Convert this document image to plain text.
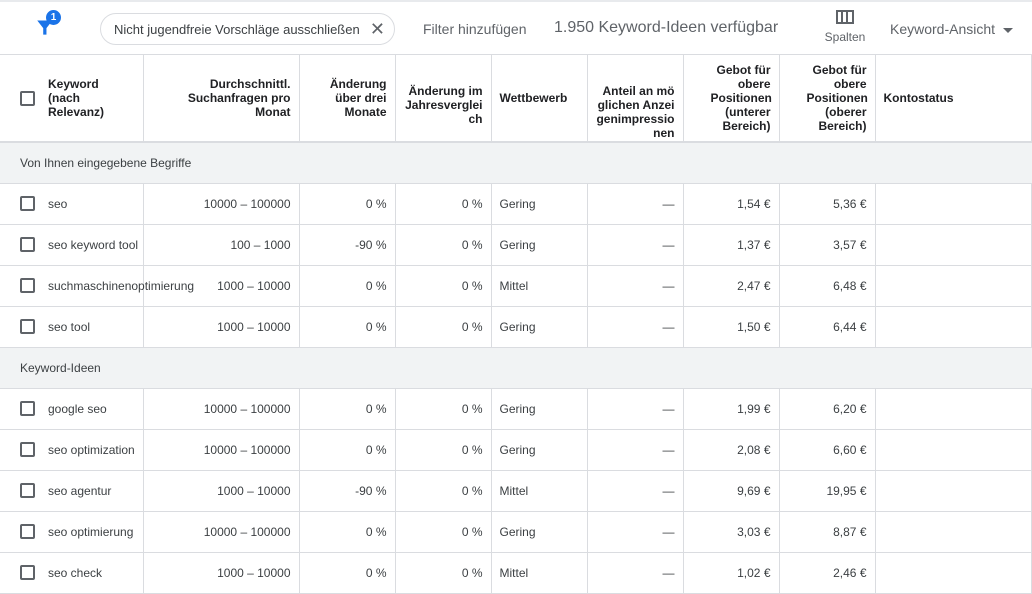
1
Nicht jugendfreie Vorschläge ausschließen ✕	Filter hinzufügen 1.950 Keyword-Ideen verfügbar
Spalten	Keyword-Ansicht

	Keyword (nach Relevanz)	Durchschnittl. Suchanfragen pro Monat	Änderung über drei Monate	Änderung im Jahresvergleich	Wettbewerb	Anteil an möglichen Anzeigenimpressionen	Gebot für obere Positionen (unterer Bereich)	Gebot für obere Positionen (oberer Bereich)	Kontostatus

Von Ihnen eingegebene Begriffe									
	seo	10000 – 100000	0 %	0 %	Gering	—	1,54 €	5,36 €	
	seo keyword tool	100 – 1000	-90 %	0 %	Gering	—	1,37 €	3,57 €	
	suchmaschinenoptimierung	1000 – 10000	0 %	0 %	Mittel	—	2,47 €	6,48 €	
	seo tool	1000 – 10000	0 %	0 %	Gering	—	1,50 €	6,44 €	
Keyword-Ideen									
	google seo	10000 – 100000	0 %	0 %	Gering	—	1,99 €	6,20 €	
	seo optimization	10000 – 100000	0 %	0 %	Gering	—	2,08 €	6,60 €	
	seo agentur	1000 – 10000	-90 %	0 %	Mittel	—	9,69 €	19,95 €	
	seo optimierung	10000 – 100000	0 %	0 %	Gering	—	3,03 €	8,87 €	
	seo check	1000 – 10000	0 %	0 %	Mittel	—	1,02 €	2,46 €	
